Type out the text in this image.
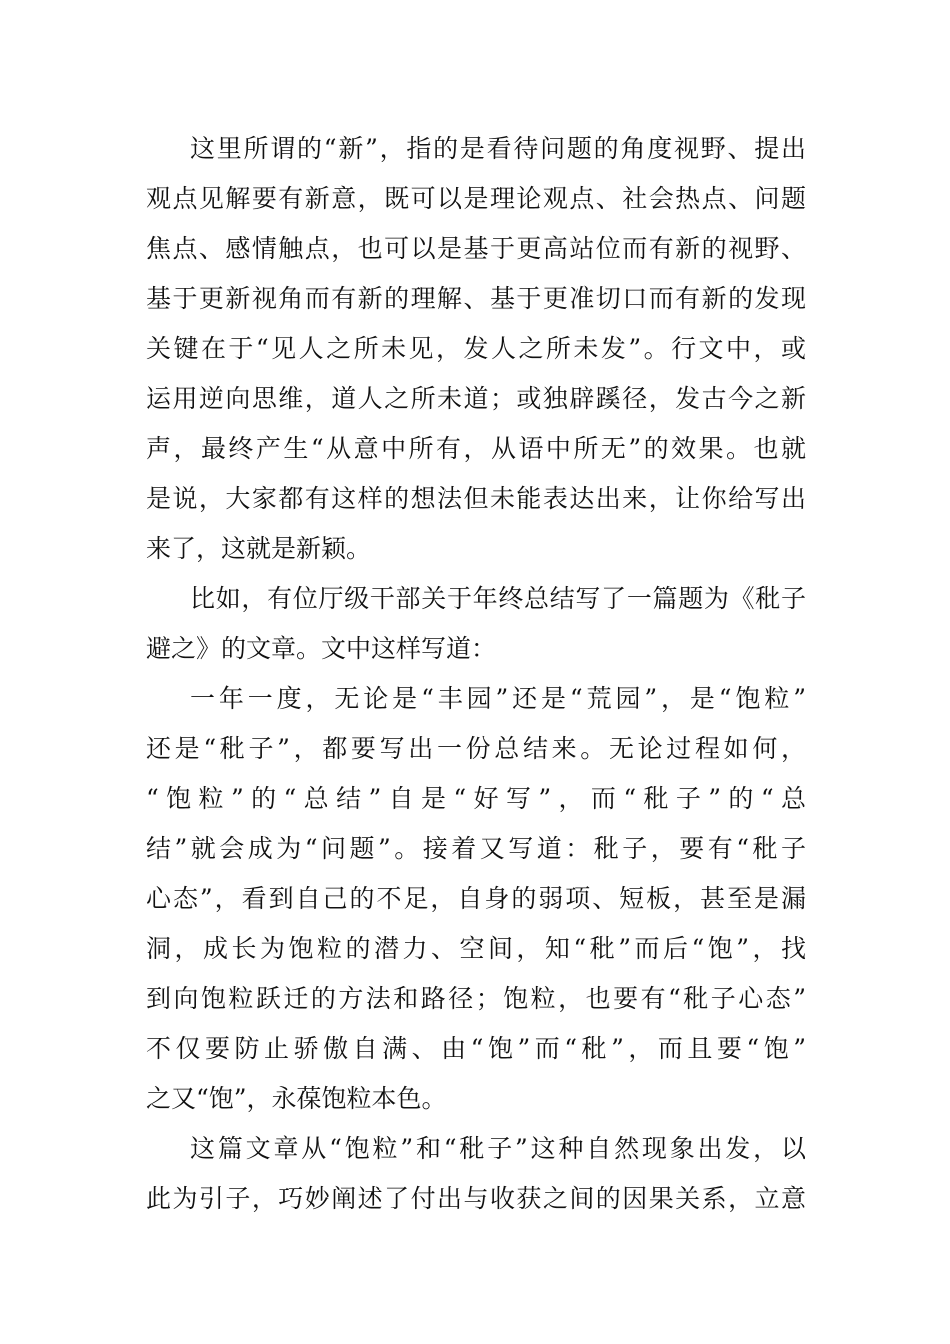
这里所谓的“新”，指的是看待问题的角度视野、提出
观点见解要有新意，既可以是理论观点、社会热点、问题
焦点、感情触点，也可以是基于更高站位而有新的视野、
基于更新视角而有新的理解、基于更准切口而有新的发现
关键在于“见人之所未见，发人之所未发”。行文中，或
运用逆向思维，道人之所未道；或独辟蹊径，发古今之新
声，最终产生“从意中所有，从语中所无”的效果。也就
是说，大家都有这样的想法但未能表达出来，让你给写出
来了，这就是新颖。
比如，有位厅级干部关于年终总结写了一篇题为《秕子
避之》的文章。文中这样写道：
一年一度，无论是“丰园”还是“荒园”，是“饱粒”
还是“秕子”，都要写出一份总结来。无论过程如何，
“饱粒”的“总结”自是“好写”，而“秕子”的“总
结”就会成为“问题”。接着又写道：秕子，要有“秕子
心态”，看到自己的不足，自身的弱项、短板，甚至是漏
洞，成长为饱粒的潜力、空间，知“秕”而后“饱”，找
到向饱粒跃迁的方法和路径；饱粒，也要有“秕子心态”
不仅要防止骄傲自满、由“饱”而“秕”，而且要“饱”
之又“饱”，永葆饱粒本色。
这篇文章从“饱粒”和“秕子”这种自然现象出发，以
此为引子，巧妙阐述了付出与收获之间的因果关系，立意
